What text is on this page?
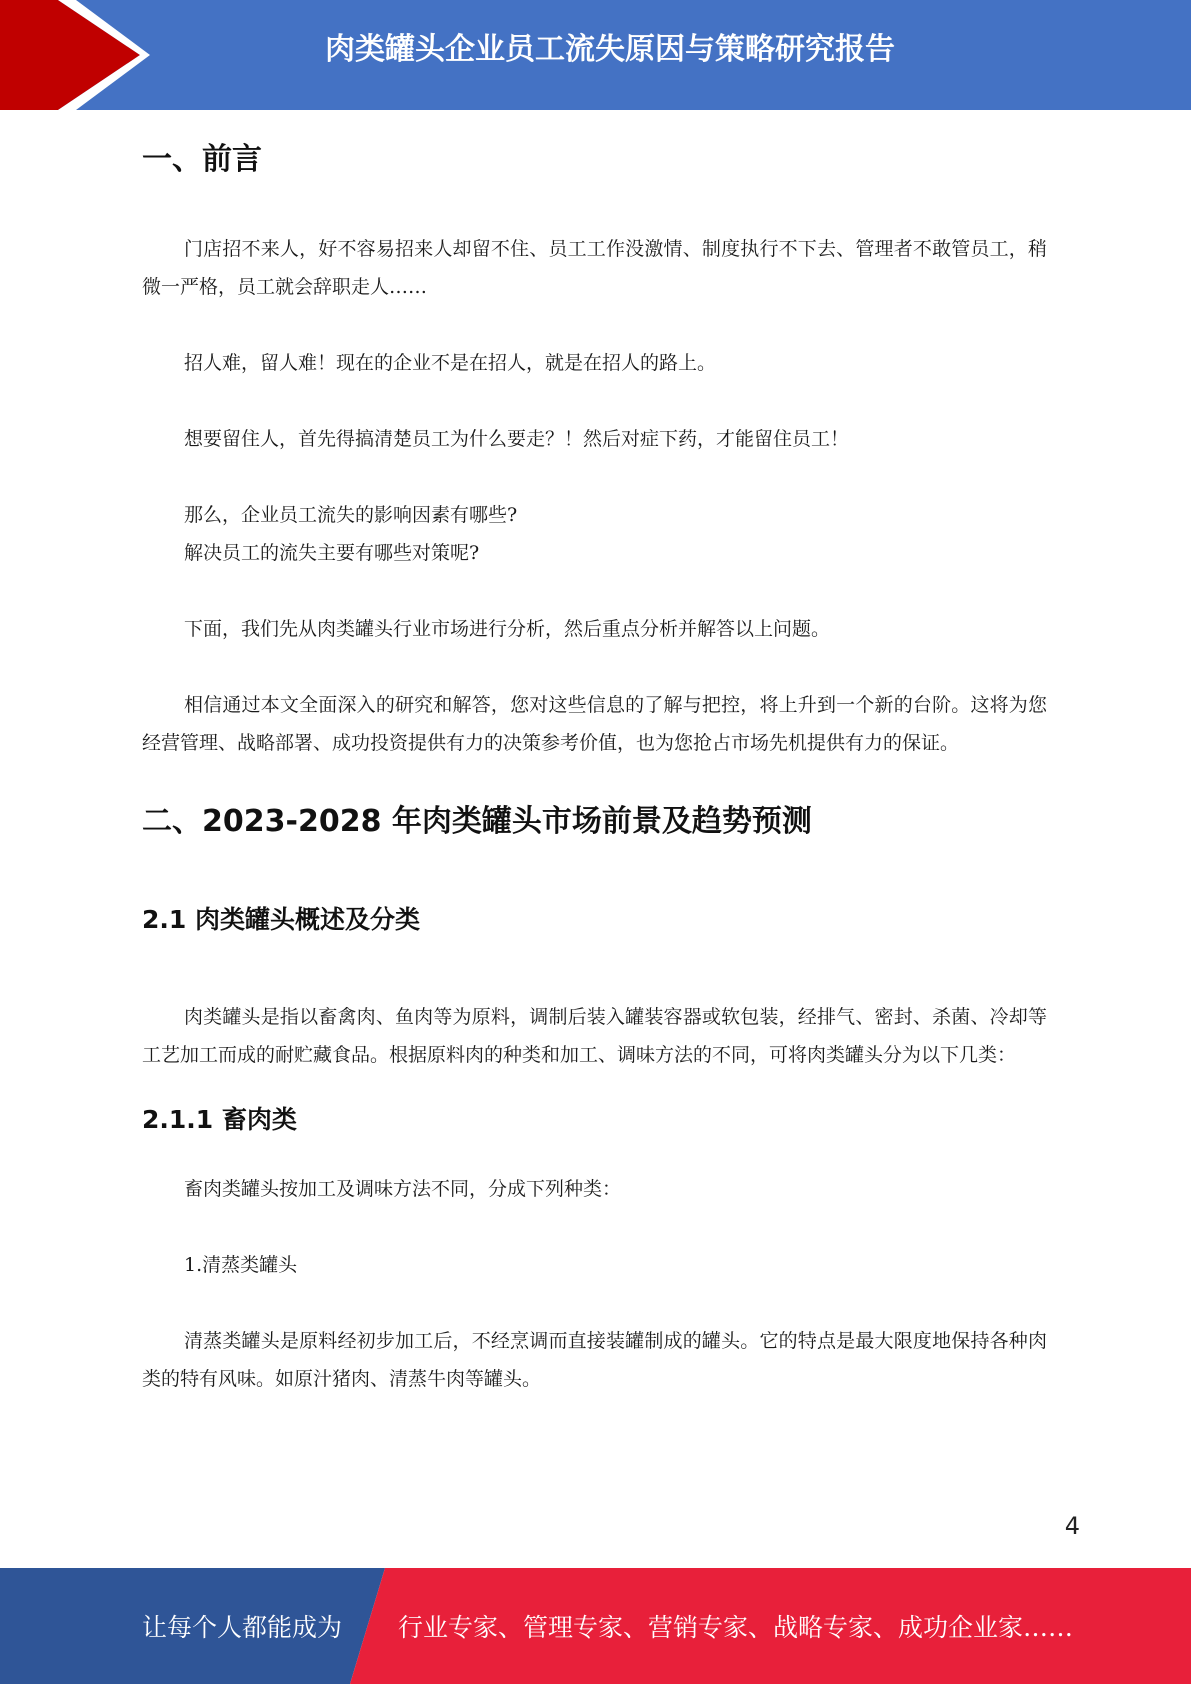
肉类罐头企业员工流失原因与策略研究报告
一、前言

门店招不来人，好不容易招来人却留不住、员工工作没激情、制度执行不下去、管理者不敢管员工，稍微一严格，员工就会辞职走人……

招人难，留人难！现在的企业不是在招人，就是在招人的路上。

想要留住人，首先得搞清楚员工为什么要走？！然后对症下药，才能留住员工！

那么，企业员工流失的影响因素有哪些?

解决员工的流失主要有哪些对策呢?

下面，我们先从肉类罐头行业市场进行分析，然后重点分析并解答以上问题。

相信通过本文全面深入的研究和解答，您对这些信息的了解与把控，将上升到一个新的台阶。这将为您经营管理、战略部署、成功投资提供有力的决策参考价值，也为您抢占市场先机提供有力的保证。

二、2023-2028 年肉类罐头市场前景及趋势预测
2.1 肉类罐头概述及分类

肉类罐头是指以畜禽肉、鱼肉等为原料，调制后装入罐装容器或软包装，经排气、密封、杀菌、冷却等工艺加工而成的耐贮藏食品。根据原料肉的种类和加工、调味方法的不同，可将肉类罐头分为以下几类：

2.1.1 畜肉类

畜肉类罐头按加工及调味方法不同，分成下列种类：

1.清蒸类罐头

清蒸类罐头是原料经初步加工后，不经烹调而直接装罐制成的罐头。它的特点是最大限度地保持各种肉类的特有风味。如原汁猪肉、清蒸牛肉等罐头。

4
让每个人都能成为 行业专家、管理专家、营销专家、战略专家、成功企业家……
